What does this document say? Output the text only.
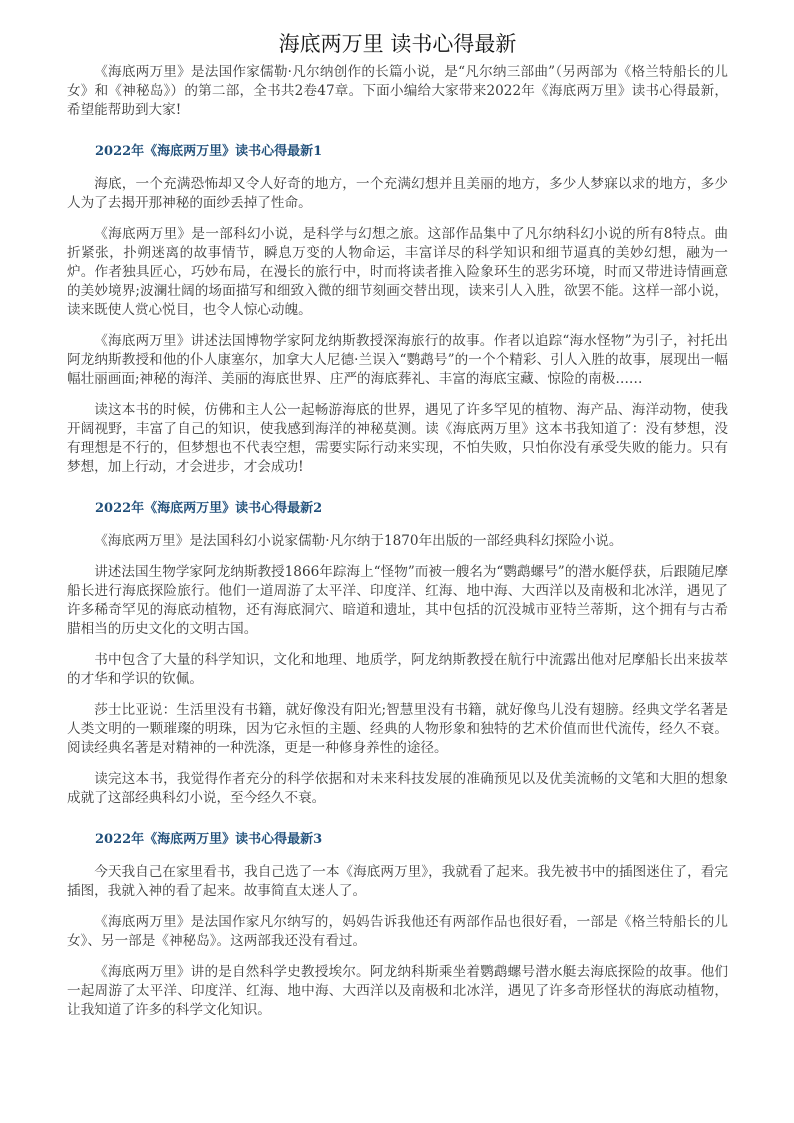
海底两万里 读书心得最新

《海底两万里》是法国作家儒勒·凡尔纳创作的长篇小说，是“凡尔纳三部曲”（另两部为《格兰特船长的儿女》和《神秘岛》）的第二部，全书共2卷47章。下面小编给大家带来2022年《海底两万里》读书心得最新，希望能帮助到大家!

2022年《海底两万里》读书心得最新1

海底，一个充满恐怖却又令人好奇的地方，一个充满幻想并且美丽的地方，多少人梦寐以求的地方，多少人为了去揭开那神秘的面纱丢掉了性命。

《海底两万里》是一部科幻小说，是科学与幻想之旅。这部作品集中了凡尔纳科幻小说的所有8特点。曲折紧张，扑朔迷离的故事情节，瞬息万变的人物命运，丰富详尽的科学知识和细节逼真的美妙幻想，融为一炉。作者独具匠心，巧妙布局，在漫长的旅行中，时而将读者推入险象环生的恶劣环境，时而又带进诗情画意的美妙境界;波澜壮阔的场面描写和细致入微的细节刻画交替出现，读来引人入胜，欲罢不能。这样一部小说，读来既使人赏心悦目，也令人惊心动魄。

《海底两万里》讲述法国博物学家阿龙纳斯教授深海旅行的故事。作者以追踪“海水怪物”为引子，衬托出阿龙纳斯教授和他的仆人康塞尔，加拿大人尼德·兰误入“鹦鹉号”的一个个精彩、引人入胜的故事，展现出一幅幅壮丽画面;神秘的海洋、美丽的海底世界、庄严的海底葬礼、丰富的海底宝藏、惊险的南极……

读这本书的时候，仿佛和主人公一起畅游海底的世界，遇见了许多罕见的植物、海产品、海洋动物，使我开阔视野，丰富了自己的知识，使我感到海洋的神秘莫测。读《海底两万里》这本书我知道了：没有梦想，没有理想是不行的，但梦想也不代表空想，需要实际行动来实现，不怕失败，只怕你没有承受失败的能力。只有梦想，加上行动，才会进步，才会成功!

2022年《海底两万里》读书心得最新2

《海底两万里》是法国科幻小说家儒勒·凡尔纳于1870年出版的一部经典科幻探险小说。

讲述法国生物学家阿龙纳斯教授1866年踪海上“怪物”而被一艘名为“鹦鹉螺号”的潜水艇俘获，后跟随尼摩船长进行海底探险旅行。他们一道周游了太平洋、印度洋、红海、地中海、大西洋以及南极和北冰洋，遇见了许多稀奇罕见的海底动植物，还有海底洞穴、暗道和遗址，其中包括的沉没城市亚特兰蒂斯，这个拥有与古希腊相当的历史文化的文明古国。

书中包含了大量的科学知识，文化和地理、地质学，阿龙纳斯教授在航行中流露出他对尼摩船长出来拔萃的才华和学识的钦佩。

莎士比亚说：生活里没有书籍，就好像没有阳光;智慧里没有书籍，就好像鸟儿没有翅膀。经典文学名著是人类文明的一颗璀璨的明珠，因为它永恒的主题、经典的人物形象和独特的艺术价值而世代流传，经久不衰。阅读经典名著是对精神的一种洗涤，更是一种修身养性的途径。

读完这本书，我觉得作者充分的科学依据和对未来科技发展的准确预见以及优美流畅的文笔和大胆的想象成就了这部经典科幻小说，至今经久不衰。

2022年《海底两万里》读书心得最新3

今天我自己在家里看书，我自己选了一本《海底两万里》，我就看了起来。我先被书中的插图迷住了，看完插图，我就入神的看了起来。故事简直太迷人了。

《海底两万里》是法国作家凡尔纳写的，妈妈告诉我他还有两部作品也很好看，一部是《格兰特船长的儿女》、另一部是《神秘岛》。这两部我还没有看过。

《海底两万里》讲的是自然科学史教授埃尔。阿龙纳科斯乘坐着鹦鹉螺号潜水艇去海底探险的故事。他们一起周游了太平洋、印度洋、红海、地中海、大西洋以及南极和北冰洋，遇见了许多奇形怪状的海底动植物，让我知道了许多的科学文化知识。
